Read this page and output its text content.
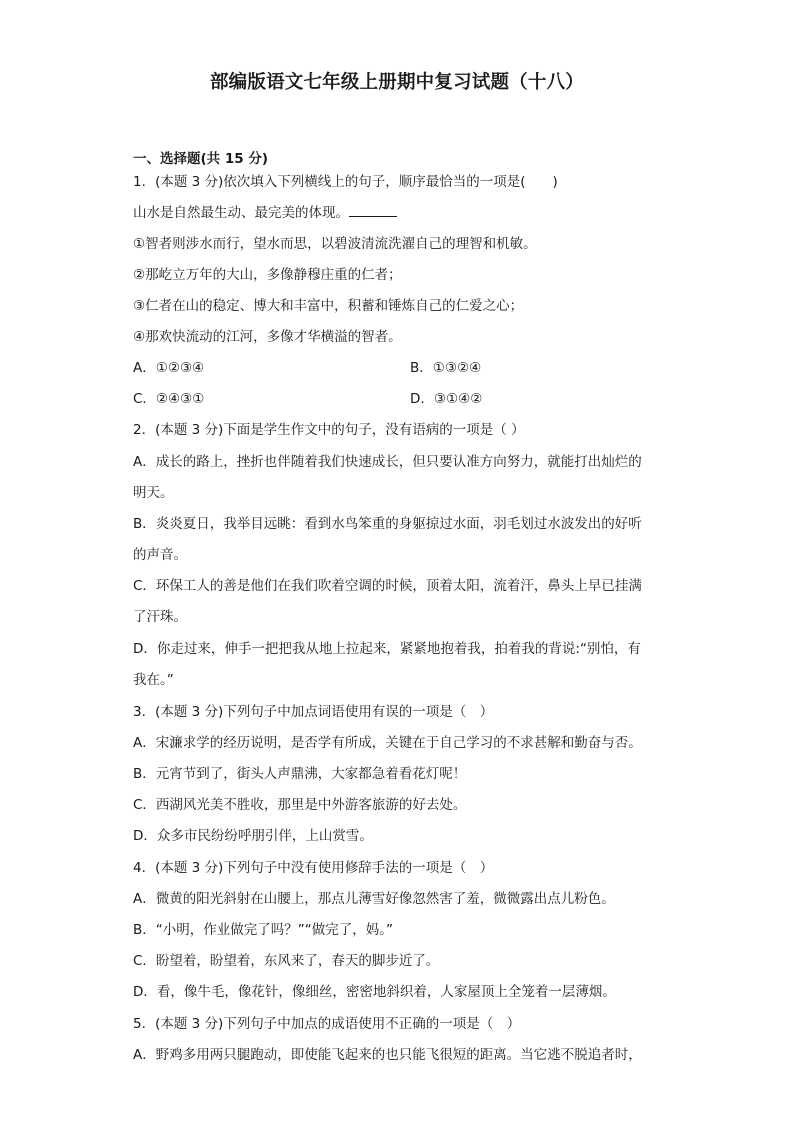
部编版语文七年级上册期中复习试题（十八）
一、选择题(共 15 分)
1．(本题 3 分)依次填入下列横线上的句子，顺序最恰当的一项是(　　)
山水是自然最生动、最完美的体现。
①智者则涉水而行，望水而思，以碧波清流洗濯自己的理智和机敏。
②那屹立万年的大山，多像静穆庄重的仁者；
③仁者在山的稳定、博大和丰富中，积蓄和锤炼自己的仁爱之心；
④那欢快流动的江河，多像才华横溢的智者。
A．①②③④	B．①③②④
C．②④③①	D．③①④②
2．(本题 3 分)下面是学生作文中的句子，没有语病的一项是（ ）
A．成长的路上，挫折也伴随着我们快速成长，但只要认准方向努力，就能打出灿烂的
明天。
B．炎炎夏日，我举目远眺：看到水鸟笨重的身躯掠过水面，羽毛划过水波发出的好听
的声音。
C．环保工人的善是他们在我们吹着空调的时候，顶着太阳，流着汗，鼻头上早已挂满
了汗珠。
D．你走过来，伸手一把把我从地上拉起来，紧紧地抱着我，拍着我的背说:“别怕，有
我在。”
3．(本题 3 分)下列句子中加点词语使用有误的一项是（　）
A．宋濂求学的经历说明，是否学有所成，关键在于自己学习的不求甚解和勤奋与否。
B．元宵节到了，街头人声鼎沸，大家都急着看花灯呢！
C．西湖风光美不胜收，那里是中外游客旅游的好去处。
D．众多市民纷纷呼朋引伴，上山赏雪。
4．(本题 3 分)下列句子中没有使用修辞手法的一项是（　）
A．微黄的阳光斜射在山腰上，那点儿薄雪好像忽然害了羞，微微露出点儿粉色。
B．“小明，作业做完了吗？”“做完了，妈。”
C．盼望着，盼望着，东风来了，春天的脚步近了。
D．看，像牛毛，像花针，像细丝，密密地斜织着，人家屋顶上全笼着一层薄烟。
5．(本题 3 分)下列句子中加点的成语使用不正确的一项是（　）
A．野鸡多用两只腿跑动，即使能飞起来的也只能飞很短的距离。当它逃不脱追者时，
